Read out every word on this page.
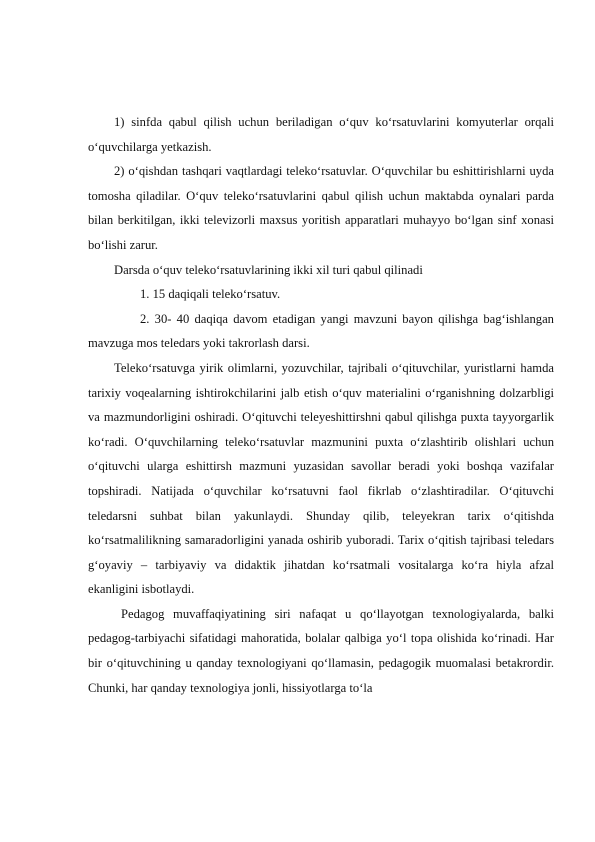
1) sinfda qabul qilish uchun beriladigan o‘quv ko‘rsatuvlarini komyuterlar orqali o‘quvchilarga yetkazish.

2) o‘qishdan tashqari vaqtlardagi teleko‘rsatuvlar. O‘quvchilar bu eshittirishlarni uyda tomosha qiladilar. O‘quv teleko‘rsatuvlarini qabul qilish uchun maktabda oynalari parda bilan berkitilgan, ikki televizorli maxsus yoritish apparatlari muhayyo bo‘lgan sinf xonasi bo‘lishi zarur.

Darsda o‘quv teleko‘rsatuvlarining ikki xil turi qabul qilinadi

1. 15 daqiqali teleko‘rsatuv.

2. 30- 40 daqiqa davom etadigan yangi mavzuni bayon qilishga bag‘ishlangan mavzuga mos teledars yoki takrorlash darsi.

Teleko‘rsatuvga yirik olimlarni, yozuvchilar, tajribali o‘qituvchilar, yuristlarni hamda tarixiy voqealarning ishtirokchilarini jalb etish o‘quv materialini o‘rganishning dolzarbligi va mazmundorligini oshiradi. O‘qituvchi teleyeshittirshni qabul qilishga puxta tayyorgarlik ko‘radi. O‘quvchilarning teleko‘rsatuvlar mazmunini puxta o‘zlashtirib olishlari uchun o‘qituvchi ularga eshittirsh mazmuni yuzasidan savollar beradi yoki boshqa vazifalar topshiradi. Natijada o‘quvchilar ko‘rsatuvni faol fikrlab o‘zlashtiradilar. O‘qituvchi teledarsni suhbat bilan yakunlaydi. Shunday qilib, teleyekran tarix o‘qitishda ko‘rsatmalilikning samaradorligini yanada oshirib yuboradi. Tarix o‘qitish tajribasi teledars g‘oyaviy – tarbiyaviy va didaktik jihatdan ko‘rsatmali vositalarga ko‘ra hiyla afzal ekanligini isbotlaydi.

Pedagog muvaffaqiyatining siri nafaqat u qo‘llayotgan texnologiyalarda, balki pedagog-tarbiyachi sifatidagi mahoratida, bolalar qalbiga yo‘l topa olishida ko‘rinadi. Har bir o‘qituvchining u qanday texnologiyani qo‘llamasin, pedagogik muomalasi betakrordir. Chunki, har qanday texnologiya jonli, hissiyotlarga to‘la
